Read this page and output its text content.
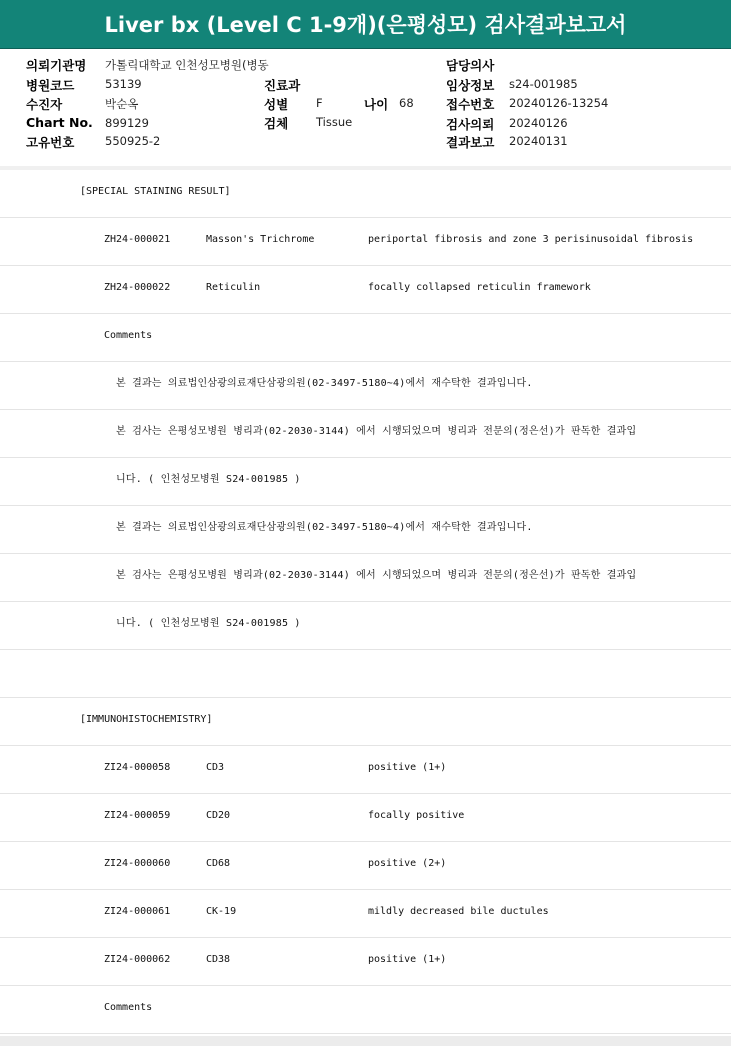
Liver bx (Level C 1-9개)(은평성모) 검사결과보고서
의뢰기관명 가톨릭대학교 인천성모병원(병동
병원코드	53139	진료과
수진자	박순옥	성별 F	나이 68
Chart No. 899129	검체 Tissue
고유번호	550925-2
담당의사
임상정보 s24-001985
접수번호 20240126-13254
검사의뢰 20240126
결과보고 20240131
[SPECIAL STAINING RESULT]
ZH24-000021	Masson's Trichrome	periportal fibrosis and zone 3 perisinusoidal fibrosis
ZH24-000022	Reticulin	focally collapsed reticulin framework
Comments
본 결과는 의료법인삼광의료재단삼광의원(02-3497-5180~4)에서 재수탁한 결과입니다.
본 검사는 은평성모병원 병리과(02-2030-3144) 에서 시행되었으며 병리과 전문의(정은선)가 판독한 결과입
니다. ( 인천성모병원 S24-001985 )
본 결과는 의료법인삼광의료재단삼광의원(02-3497-5180~4)에서 재수탁한 결과입니다.
본 검사는 은평성모병원 병리과(02-2030-3144) 에서 시행되었으며 병리과 전문의(정은선)가 판독한 결과입
니다. ( 인천성모병원 S24-001985 )
[IMMUNOHISTOCHEMISTRY]
ZI24-000058	CD3	positive (1+)
ZI24-000059	CD20	focally positive
ZI24-000060	CD68	positive (2+)
ZI24-000061	CK-19	mildly decreased bile ductules
ZI24-000062	CD38	positive (1+)
Comments
